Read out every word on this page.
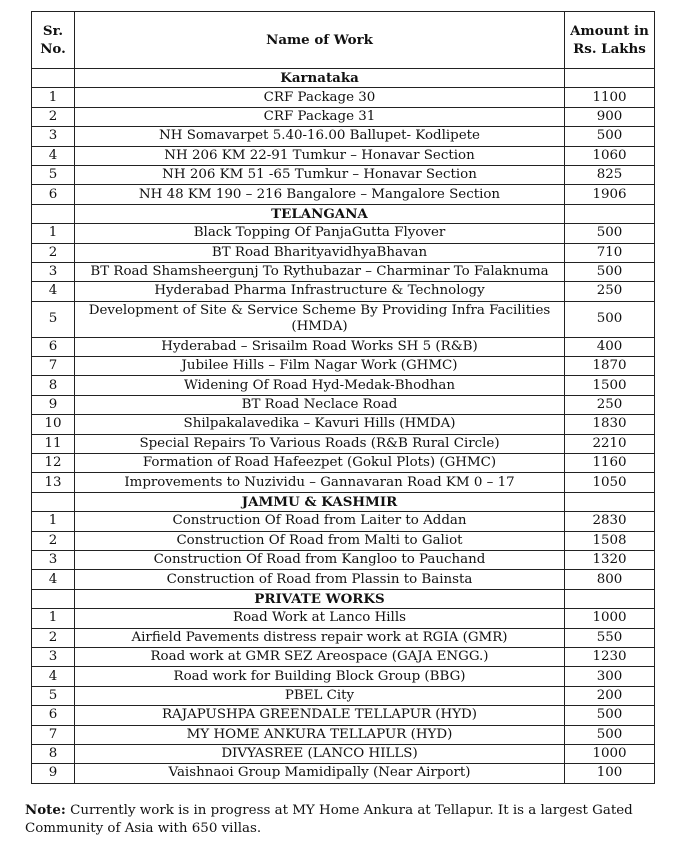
Sr. No.	Name of Work	Amount in Rs. Lakhs
	Karnataka	
1	CRF Package 30	1100
2	CRF Package 31	900
3	NH Somavarpet 5.40-16.00 Ballupet- Kodlipete	500
4	NH 206 KM 22-91 Tumkur – Honavar Section	1060
5	NH 206 KM 51 -65 Tumkur – Honavar Section	825
6	NH 48 KM 190 – 216 Bangalore – Mangalore Section	1906
	TELANGANA	
1	Black Topping Of PanjaGutta Flyover	500
2	BT Road BharityavidhyaBhavan	710
3	BT Road Shamsheergunj To Rythubazar – Charminar To Falaknuma	500
4	Hyderabad Pharma Infrastructure & Technology	250
5	Development of Site & Service Scheme By Providing Infra Facilities (HMDA)	500
6	Hyderabad – Srisailm Road Works SH 5 (R&B)	400
7	Jubilee Hills – Film Nagar Work (GHMC)	1870
8	Widening Of Road Hyd-Medak-Bhodhan	1500
9	BT Road Neclace Road	250
10	Shilpakalavedika – Kavuri Hills (HMDA)	1830
11	Special Repairs To Various Roads (R&B Rural Circle)	2210
12	Formation of Road Hafeezpet (Gokul Plots) (GHMC)	1160
13	Improvements to Nuzividu – Gannavaran Road KM 0 – 17	1050
	JAMMU & KASHMIR	
1	Construction Of Road from Laiter to Addan	2830
2	Construction Of Road from Malti to Galiot	1508
3	Construction Of Road from Kangloo to Pauchand	1320
4	Construction of Road from Plassin to Bainsta	800
	PRIVATE WORKS	
1	Road Work at Lanco Hills	1000
2	Airfield Pavements distress repair work at RGIA (GMR)	550
3	Road work at GMR SEZ Areospace (GAJA ENGG.)	1230
4	Road work for Building Block Group (BBG)	300
5	PBEL City	200
6	RAJAPUSHPA GREENDALE TELLAPUR (HYD)	500
7	MY HOME ANKURA TELLAPUR (HYD)	500
8	DIVYASREE (LANCO HILLS)	1000
9	Vaishnaoi Group Mamidipally (Near Airport)	100
Note: Currently work is in progress at MY Home Ankura at Tellapur. It is a largest Gated Community of Asia with 650 villas.
